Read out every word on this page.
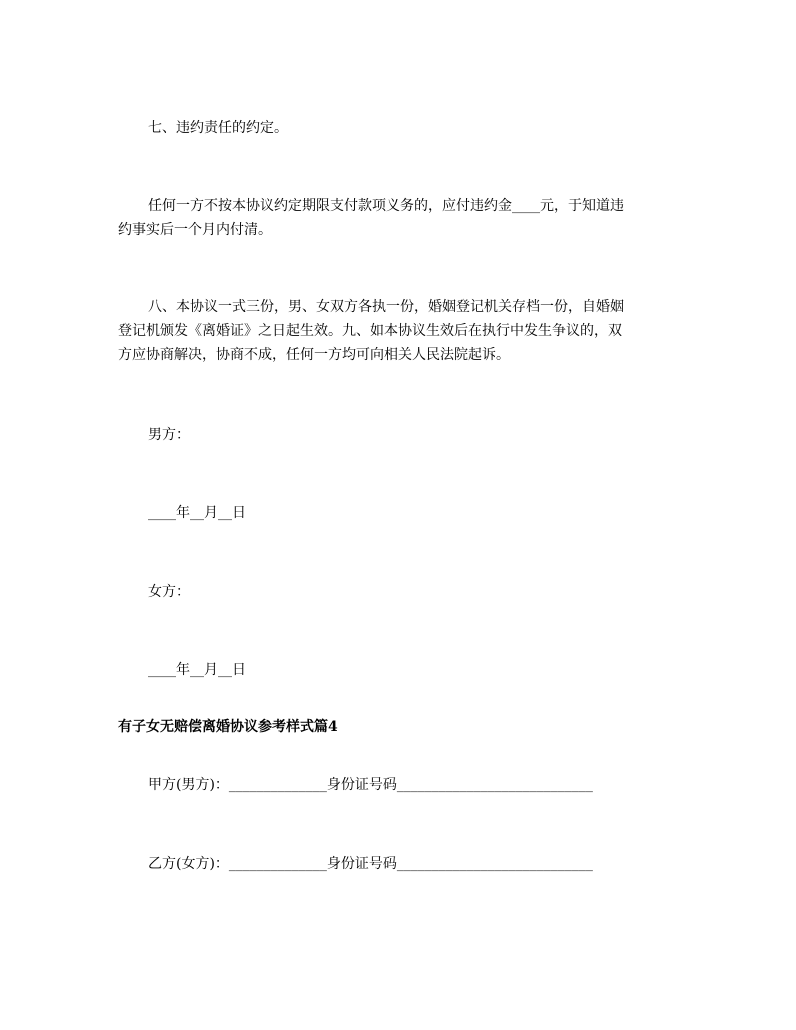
七、违约责任的约定。
任何一方不按本协议约定期限支付款项义务的，应付违约金____元，于知道违
约事实后一个月内付清。
八、本协议一式三份，男、女双方各执一份，婚姻登记机关存档一份，自婚姻
登记机颁发《离婚证》之日起生效。九、如本协议生效后在执行中发生争议的，双
方应协商解决，协商不成，任何一方均可向相关人民法院起诉。
男方：
____年__月__日
女方：
____年__月__日
有子女无赔偿离婚协议参考样式篇4
甲方(男方)：______________身份证号码____________________________
乙方(女方)：______________身份证号码____________________________
